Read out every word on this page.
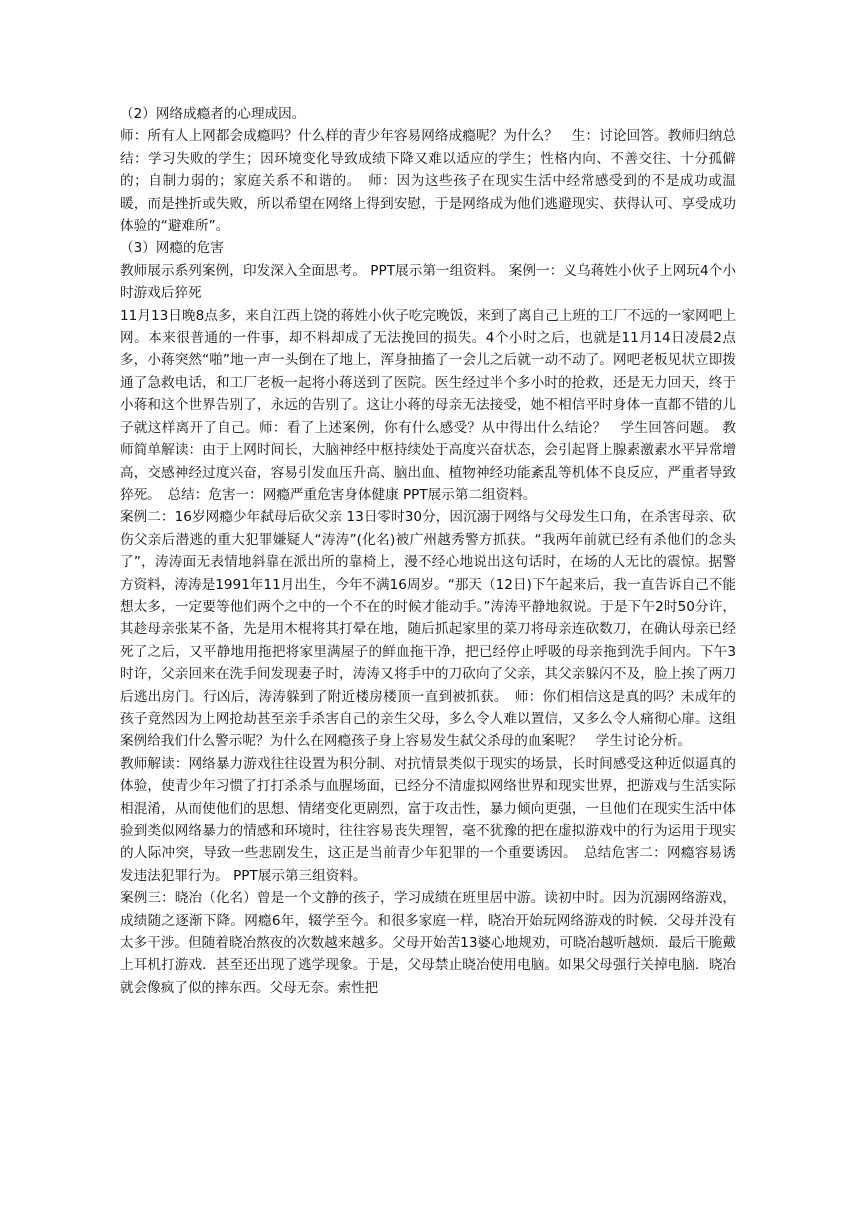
（2）网络成瘾者的心理成因。

师：所有人上网都会成瘾吗？什么样的青少年容易网络成瘾呢？为什么？　生：讨论回答。教师归纳总结：学习失败的学生；因环境变化导致成绩下降又难以适应的学生；性格内向、不善交往、十分孤僻的；自制力弱的；家庭关系不和谐的。　师：因为这些孩子在现实生活中经常感受到的不是成功或温暖，而是挫折或失败，所以希望在网络上得到安慰，于是网络成为他们逃避现实、获得认可、享受成功体验的“避难所”。

（3）网瘾的危害

教师展示系列案例，印发深入全面思考。 PPT展示第一组资料。 案例一：义乌蒋姓小伙子上网玩4个小时游戏后猝死

11月13日晚8点多，来自江西上饶的蒋姓小伙子吃完晚饭，来到了离自己上班的工厂不远的一家网吧上网。本来很普通的一件事，却不料却成了无法挽回的损失。4个小时之后，也就是11月14日凌晨2点多，小蒋突然“啪”地一声一头倒在了地上，浑身抽搐了一会儿之后就一动不动了。网吧老板见状立即拨通了急救电话，和工厂老板一起将小蒋送到了医院。医生经过半个多小时的抢救，还是无力回天，终于小蒋和这个世界告别了，永远的告别了。这让小蒋的母亲无法接受，她不相信平时身体一直都不错的儿子就这样离开了自己。师：看了上述案例，你有什么感受？从中得出什么结论？　学生回答问题。 教师简单解读：由于上网时间长，大脑神经中枢持续处于高度兴奋状态，会引起肾上腺素激素水平异常增高，交感神经过度兴奋，容易引发血压升高、脑出血、植物神经功能紊乱等机体不良反应，严重者导致猝死。　总结：危害一：网瘾严重危害身体健康 PPT展示第二组资料。

案例二：16岁网瘾少年弑母后砍父亲 13日零时30分，因沉溺于网络与父母发生口角，在杀害母亲、砍伤父亲后潜逃的重大犯罪嫌疑人“涛涛”(化名)被广州越秀警方抓获。“我两年前就已经有杀他们的念头了”，涛涛面无表情地斜靠在派出所的靠椅上，漫不经心地说出这句话时，在场的人无比的震惊。据警方资料，涛涛是1991年11月出生，今年不满16周岁。“那天（12日)下午起来后，我一直告诉自己不能想太多，一定要等他们两个之中的一个不在的时候才能动手。”涛涛平静地叙说。于是下午2时50分许，其趁母亲张某不备，先是用木棍将其打晕在地，随后抓起家里的菜刀将母亲连砍数刀，在确认母亲已经死了之后，又平静地用拖把将家里满屋子的鲜血拖干净，把已经停止呼吸的母亲拖到洗手间内。下午3时许，父亲回来在洗手间发现妻子时，涛涛又将手中的刀砍向了父亲，其父亲躲闪不及，脸上挨了两刀后逃出房门。行凶后，涛涛躲到了附近楼房楼顶一直到被抓获。　师：你们相信这是真的吗？未成年的孩子竟然因为上网抢劫甚至亲手杀害自己的亲生父母，多么令人难以置信，又多么令人痛彻心扉。这组案例给我们什么警示呢？为什么在网瘾孩子身上容易发生弑父杀母的血案呢？　学生讨论分析。

教师解读：网络暴力游戏往往设置为积分制、对抗情景类似于现实的场景，长时间感受这种近似逼真的体验，使青少年习惯了打打杀杀与血腥场面，已经分不清虚拟网络世界和现实世界，把游戏与生活实际相混淆，从而使他们的思想、情绪变化更剧烈，富于攻击性，暴力倾向更强，一旦他们在现实生活中体验到类似网络暴力的情感和环境时，往往容易丧失理智，毫不犹豫的把在虚拟游戏中的行为运用于现实的人际冲突，导致一些悲剧发生，这正是当前青少年犯罪的一个重要诱因。　总结危害二：网瘾容易诱发违法犯罪行为。 PPT展示第三组资料。

案例三：晓冶（化名）曾是一个文静的孩子，学习成绩在班里居中游。读初中时。因为沉溺网络游戏，成绩随之逐渐下降。网瘾6年，辍学至今。和很多家庭一样，晓冶开始玩网络游戏的时候．父母并没有太多干涉。但随着晓冶熬夜的次数越来越多。父母开始苦13婆心地规劝，可晓冶越听越烦．最后干脆戴上耳机打游戏．甚至还出现了逃学现象。于是，父母禁止晓冶使用电脑。如果父母强行关掉电脑．晓冶就会像疯了似的摔东西。父母无奈。索性把
